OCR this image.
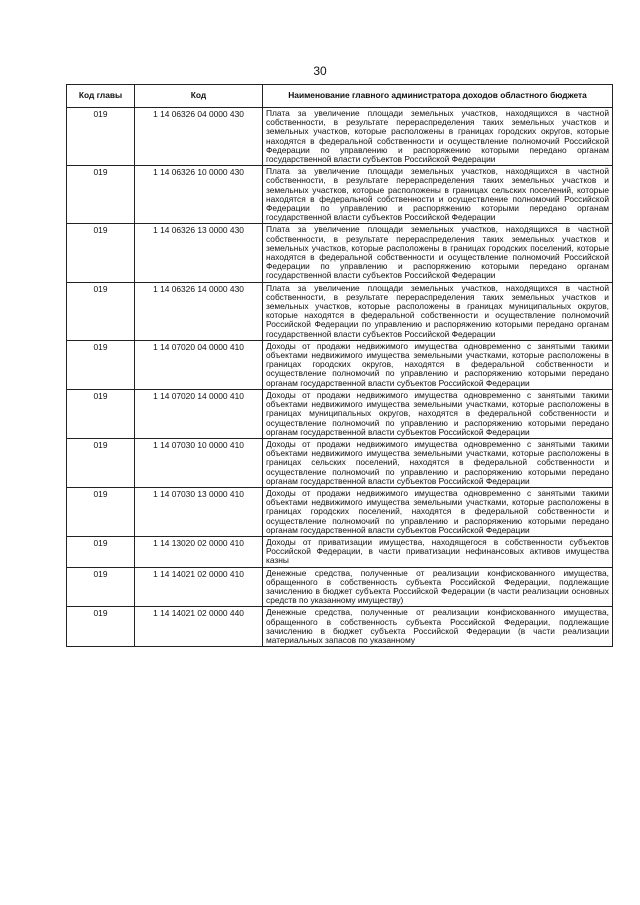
30
Код главы	Код	Наименование главного администратора доходов областного бюджета
019	1 14 06326 04 0000 430	Плата за увеличение площади земельных участков, находящихся в частной собственности, в результате перераспределения таких земельных участков и земельных участков, которые расположены в границах городских округов, которые находятся в федеральной собственности и осуществление полномочий Российской Федерации по управлению и распоряжению которыми передано органам государственной власти субъектов Российской Федерации
019	1 14 06326 10 0000 430	Плата за увеличение площади земельных участков, находящихся в частной собственности, в результате перераспределения таких земельных участков и земельных участков, которые расположены в границах сельских поселений, которые находятся в федеральной собственности и осуществление полномочий Российской Федерации по управлению и распоряжению которыми передано органам государственной власти субъектов Российской Федерации
019	1 14 06326 13 0000 430	Плата за увеличение площади земельных участков, находящихся в частной собственности, в результате перераспределения таких земельных участков и земельных участков, которые расположены в границах городских поселений, которые находятся в федеральной собственности и осуществление полномочий Российской Федерации по управлению и распоряжению которыми передано органам государственной власти субъектов Российской Федерации
019	1 14 06326 14 0000 430	Плата за увеличение площади земельных участков, находящихся в частной собственности, в результате перераспределения таких земельных участков и земельных участков, которые расположены в границах муниципальных округов, которые находятся в федеральной собственности и осуществление полномочий Российской Федерации по управлению и распоряжению которыми передано органам государственной власти субъектов Российской Федерации
019	1 14 07020 04 0000 410	Доходы от продажи недвижимого имущества одновременно с занятыми такими объектами недвижимого имущества земельными участками, которые расположены в границах городских округов, находятся в федеральной собственности и осуществление полномочий по управлению и распоряжению которыми передано органам государственной власти субъектов Российской Федерации
019	1 14 07020 14 0000 410	Доходы от продажи недвижимого имущества одновременно с занятыми такими объектами недвижимого имущества земельными участками, которые расположены в границах муниципальных округов, находятся в федеральной собственности и осуществление полномочий по управлению и распоряжению которыми передано органам государственной власти субъектов Российской Федерации
019	1 14 07030 10 0000 410	Доходы от продажи недвижимого имущества одновременно с занятыми такими объектами недвижимого имущества земельными участками, которые расположены в границах сельских поселений, находятся в федеральной собственности и осуществление полномочий по управлению и распоряжению которыми передано органам государственной власти субъектов Российской Федерации
019	1 14 07030 13 0000 410	Доходы от продажи недвижимого имущества одновременно с занятыми такими объектами недвижимого имущества земельными участками, которые расположены в границах городских поселений, находятся в федеральной собственности и осуществление полномочий по управлению и распоряжению которыми передано органам государственной власти субъектов Российской Федерации
019	1 14 13020 02 0000 410	Доходы от приватизации имущества, находящегося в собственности субъектов Российской Федерации, в части приватизации нефинансовых активов имущества казны
019	1 14 14021 02 0000 410	Денежные средства, полученные от реализации конфискованного имущества, обращенного в собственность субъекта Российской Федерации, подлежащие зачислению в бюджет субъекта Российской Федерации (в части реализации основных средств по указанному имуществу)
019	1 14 14021 02 0000 440	Денежные средства, полученные от реализации конфискованного имущества, обращенного в собственность субъекта Российской Федерации, подлежащие зачислению в бюджет субъекта Российской Федерации (в части реализации материальных запасов по указанному
